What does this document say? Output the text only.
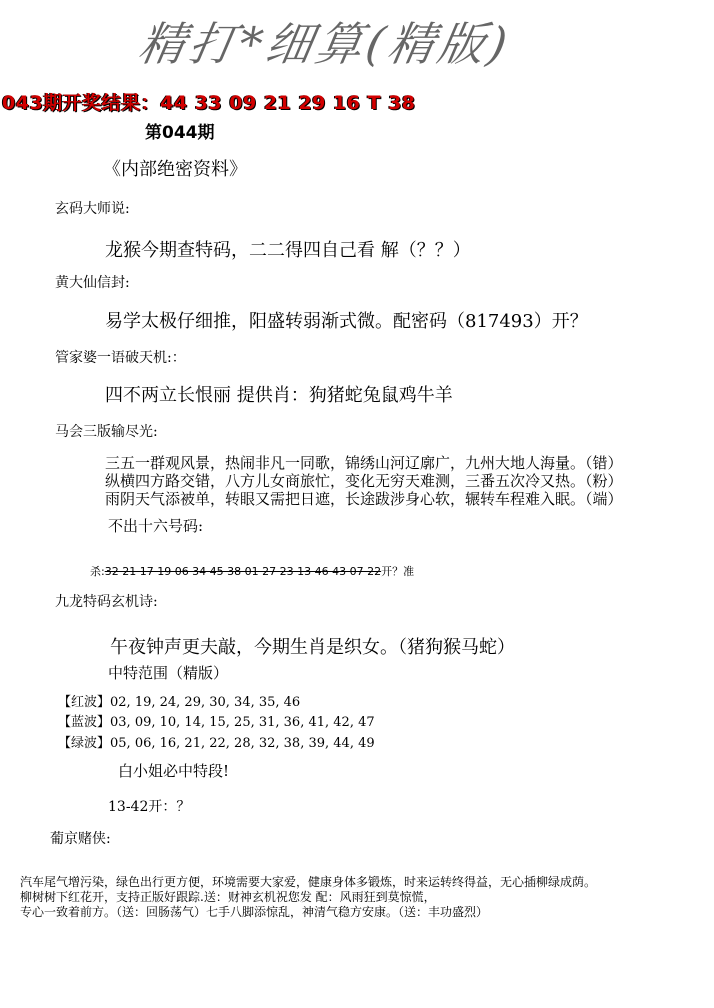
精打*细算(精版)
043期开奖结果：44 33 09 21 29 16 T 38
第044期
《内部绝密资料》
玄码大师说:
龙猴今期查特码，二二得四自己看 解（？？）
黄大仙信封:
易学太极仔细推，阳盛转弱渐式微。配密码（817493）开？
管家婆一语破天机:：
四不两立长恨丽 提供肖：狗猪蛇兔鼠鸡牛羊
马会三版输尽光:
三五一群观风景，热闹非凡一同歌，锦绣山河辽廓广，九州大地人海量。（错）
纵横四方路交错，八方儿女商旅忙，变化无穷天难测，三番五次冷又热。（粉）
雨阴天气添被单，转眼又需把日遮，长途跋涉身心软，辗转车程难入眠。（端）
不出十六号码:
杀:32 21 17 19 06 34 45 38 01 27 23 13 46 43 07 22开？准
九龙特码玄机诗:
午夜钟声更夫敲，今期生肖是织女。（猪狗猴马蛇）
中特范围（精版）
【红波】02, 19, 24, 29, 30, 34, 35, 46
【蓝波】03, 09, 10, 14, 15, 25, 31, 36, 41, 42, 47
【绿波】05, 06, 16, 21, 22, 28, 32, 38, 39, 44, 49
白小姐必中特段!
13-42开：？
葡京赌侠:
汽车尾气增污染，绿色出行更方便，环境需要大家爱，健康身体多锻炼，时来运转终得益，无心插柳绿成荫。
柳树树下红花开，支持正版好跟踪.送：财神玄机祝您发 配：风雨狂到莫惊慌，
专心一致着前方。（送：回肠荡气）七手八脚添惊乱，神清气稳方安康。（送：丰功盛烈）
